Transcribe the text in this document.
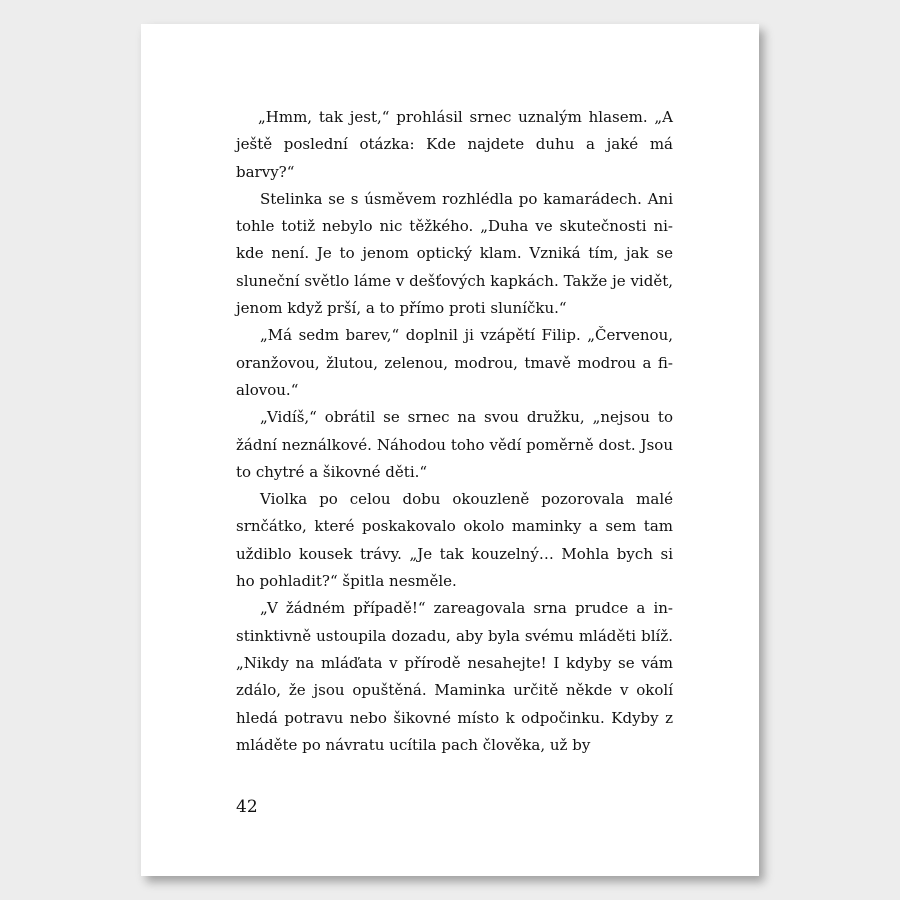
„Hmm, tak jest,“ prohlásil srnec uznalým hlasem. „A ještě poslední otázka: Kde najdete duhu a jaké má barvy?“

Stelinka se s úsměvem rozhlédla po kamarádech. Ani tohle totiž nebylo nic těžkého. „Duha ve skutečnosti nikde není. Je to jenom optický klam. Vzniká tím, jak se sluneční světlo láme v dešťových kapkách. Takže je vidět, jenom když prší, a to přímo proti sluníčku.“

„Má sedm barev,“ doplnil ji vzápětí Filip. „Červenou, oranžovou, žlutou, zelenou, modrou, tmavě modrou a fialovou.“

„Vidíš,“ obrátil se srnec na svou družku, „nejsou to žádní neználkové. Náhodou toho vědí poměrně dost. Jsou to chytré a šikovné děti.“

Violka po celou dobu okouzleně pozorovala malé srnčátko, které poskakovalo okolo maminky a sem tam uždiblo kousek trávy. „Je tak kouzelný… Mohla bych si ho pohladit?“ špitla nesměle.

„V žádném případě!“ zareagovala srna prudce a instinktivně ustoupila dozadu, aby byla svému mláděti blíž. „Nikdy na mláďata v přírodě nesahejte! I kdyby se vám zdálo, že jsou opuštěná. Maminka určitě někde v okolí hledá potravu nebo šikovné místo k odpočinku. Kdyby z mláděte po návratu ucítila pach člověka, už by

42
